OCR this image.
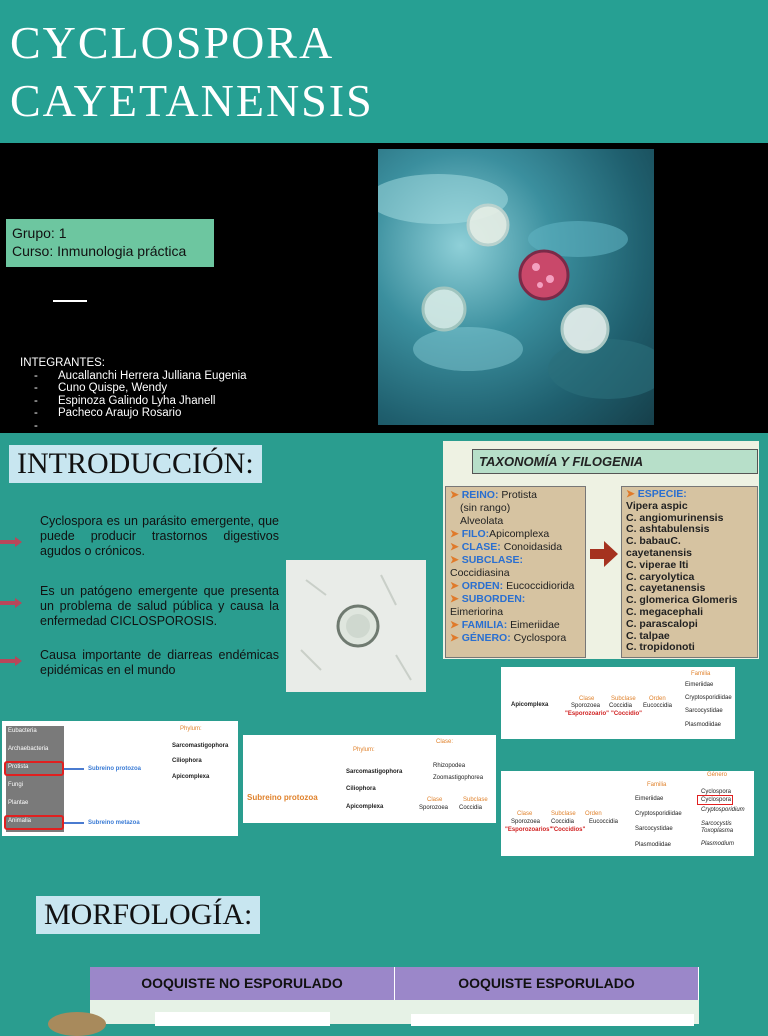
CYCLOSPORA
CAYETANENSIS
Grupo: 1
Curso: Inmunologia práctica
INTEGRANTES:
- Aucallanchi Herrera Julliana Eugenia
- Cuno Quispe, Wendy
- Espinoza Galindo Lyha Jhanell
- Pacheco Araujo Rosario
INTRODUCCIÓN:
Cyclospora es un parásito emergente, que puede producir trastornos digestivos agudos o crónicos.
Es un patógeno emergente que presenta un problema de salud pública y causa la enfermedad CICLOSPOROSIS.
Causa importante de diarreas endémicas epidémicas en el mundo
TAXONOMÍA Y FILOGENIA
➤ REINO: Protista
(sin rango)
Alveolata
➤ FILO:Apicomplexa
➤ CLASE: Conoidasida
➤ SUBCLASE:
Coccidiasina
➤ ORDEN: Eucoccidiorida
➤ SUBORDEN:
Eimeriorina
➤ FAMILIA: Eimeriidae
➤ GÉNERO: Cyclospora
➤ ESPECIE:
Vipera aspic
C. angiomurinensis
C. ashtabulensis
C. babauC.
cayetanensis
C. viperae Iti
C. caryolytica
C. cayetanensis
C. glomerica Glomeris
C. megacephali
C. parascalopi
C. talpae
C. tropidonoti
Apicomplexa
Clase	Subclase Orden
Sporozoea Coccidia Eucoccidia
"Esporozoario" "Coccidio"
Familia
Eimeriidae
Cryptosporidiidae
Sarcocystidae
Plasmodiidae
Eubacteria
Archaebacteria
Protista
Fungi
Plantae
Animalia
Phylum:
Subreino protozoa
Subreino metazoa
Sarcomastigophora
Ciliophora
Apicomplexa
Phylum:
Clase:
Subreino protozoa
Sarcomastigophora
Ciliophora
Apicomplexa
Rhizopodea
Zoomastigophorea
Clase	Subclase
Sporozoea Coccidia
Familia
Género
Clase	Subclase Orden
Sporozoea Coccidia Eucoccidia
"Esporozoarios"
"Coccidios"
Eimeriidae
Cryptosporidiidae
Sarcocystidae
Plasmodiidae
Cyclospora
Cyclospora
Cryptosporidium
Sarcocystis
Toxoplasma
Plasmodium
MORFOLOGÍA:
OOQUISTE NO ESPORULADO	OOQUISTE ESPORULADO
